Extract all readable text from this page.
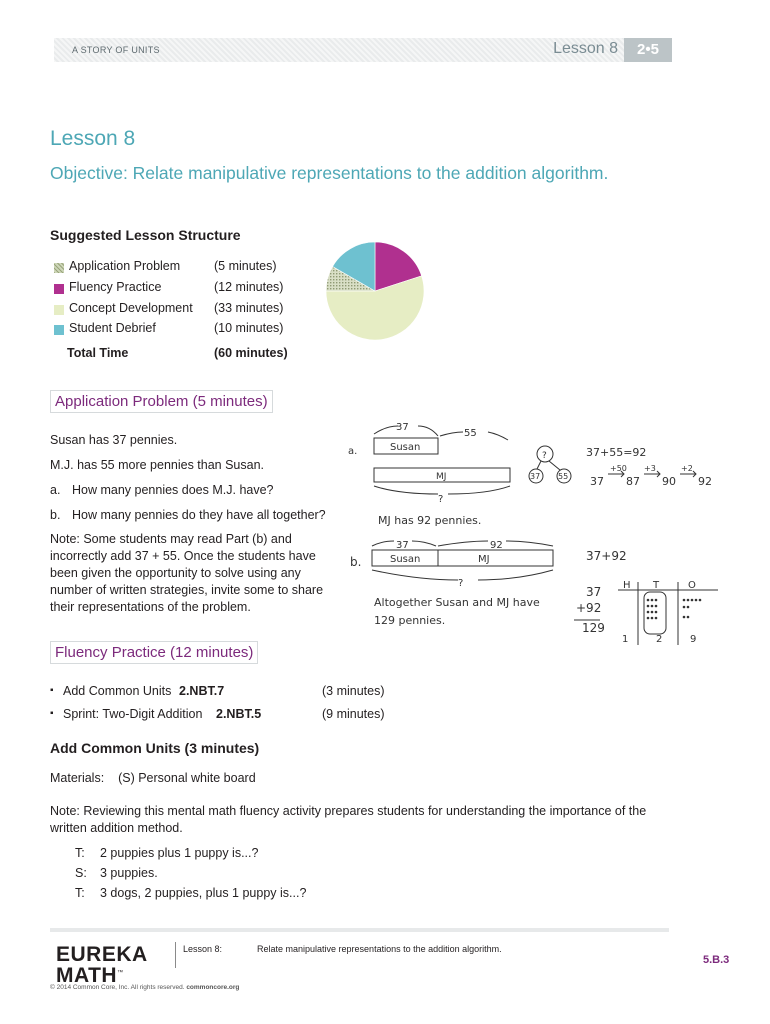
A STORY OF UNITS	Lesson 8	2•5
Lesson 8
Objective: Relate manipulative representations to the addition algorithm.
Suggested Lesson Structure
Application Problem	(5 minutes)
Fluency Practice	(12 minutes)
Concept Development (33 minutes)
Student Debrief	(10 minutes)
Total Time	(60 minutes)
Application Problem (5 minutes)
Susan has 37 pennies.
M.J. has 55 more pennies than Susan.
a. How many pennies does M.J. have?
b. How many pennies do they have all together?
Note: Some students may read Part (b) and incorrectly add 37 + 55. Once the students have been given the opportunity to solve using any number of written strategies, invite some to share their representations of the problem.
a.
37
55
Susan
MJ
?
?
37 55
37+55=92
37
+50
87
+3
90
+2
92
MJ has 92 pennies.
b.
37	92
Susan	MJ
?
37+92
H T	O
37
+92
129
1	2	9
Altogether Susan and MJ have
129 pennies.
Fluency Practice (12 minutes)
▪ Add Common Units 2.NBT.7	(3 minutes)
▪ Sprint: Two-Digit Addition 2.NBT.5	(9 minutes)
Add Common Units (3 minutes)
Materials:    (S) Personal white board
Note: Reviewing this mental math fluency activity prepares students for understanding the importance of the written addition method.
T: 2 puppies plus 1 puppy is...?
S: 3 puppies.
T: 3 dogs, 2 puppies, plus 1 puppy is...?
EUREKA
MATH™
Lesson 8:	Relate manipulative representations to the addition algorithm.
5.B.3
© 2014 Common Core, Inc. All rights reserved. commoncore.org
